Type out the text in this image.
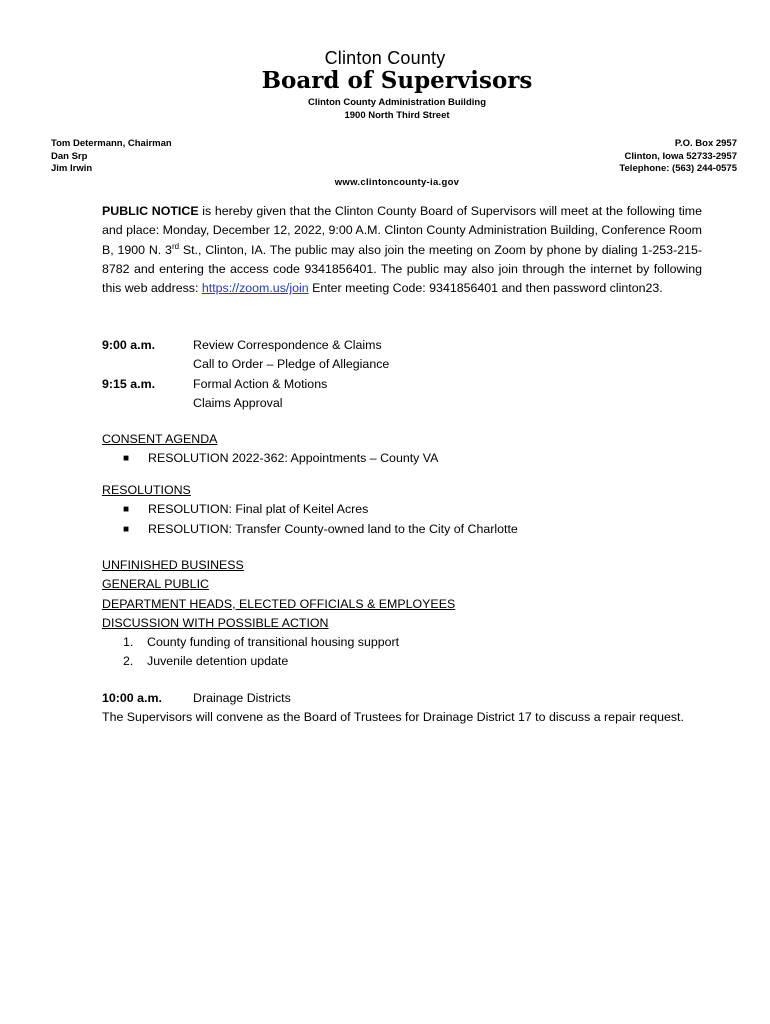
Clinton County
Board of Supervisors
Clinton County Administration Building
1900 North Third Street
Tom Determann, Chairman
Dan Srp
Jim Irwin
P.O. Box 2957
Clinton, Iowa 52733-2957
Telephone: (563) 244-0575
www.clintoncounty-ia.gov
PUBLIC NOTICE is hereby given that the Clinton County Board of Supervisors will meet at the following time and place: Monday, December 12, 2022, 9:00 A.M. Clinton County Administration Building, Conference Room B, 1900 N. 3rd St., Clinton, IA. The public may also join the meeting on Zoom by phone by dialing 1-253-215-8782 and entering the access code 9341856401. The public may also join through the internet by following this web address: https://zoom.us/join Enter meeting Code: 9341856401 and then password clinton23.
9:00 a.m.	Review Correspondence & Claims
Call to Order – Pledge of Allegiance
9:15 a.m.	Formal Action & Motions
Claims Approval
CONSENT AGENDA
■	RESOLUTION 2022-362: Appointments – County VA
RESOLUTIONS
■	RESOLUTION: Final plat of Keitel Acres
■	RESOLUTION: Transfer County-owned land to the City of Charlotte
UNFINISHED BUSINESS
GENERAL PUBLIC
DEPARTMENT HEADS, ELECTED OFFICIALS & EMPLOYEES
DISCUSSION WITH POSSIBLE ACTION
1.	County funding of transitional housing support
2.	Juvenile detention update
10:00 a.m.	Drainage Districts
The Supervisors will convene as the Board of Trustees for Drainage District 17 to discuss a repair request.
